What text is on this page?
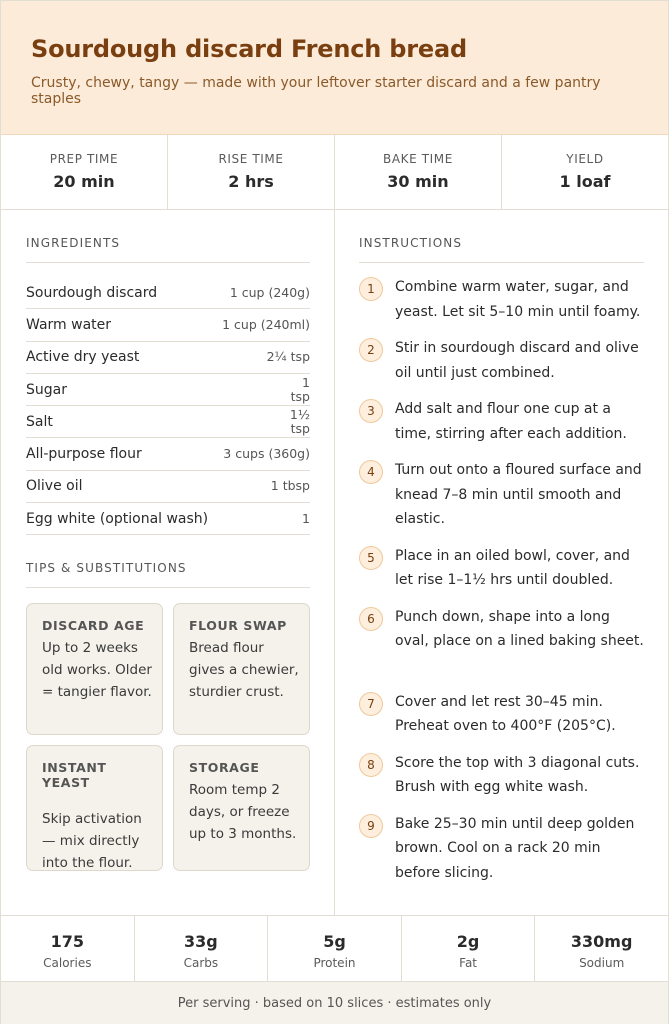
Sourdough discard French bread

Crusty, chewy, tangy — made with your leftover starter discard and a few pantry staples

PREP TIME
20 min
RISE TIME
2 hrs
BAKE TIME
30 min
YIELD
1 loaf
INGREDIENTS
Sourdough discard	1 cup (240g)
Warm water	1 cup (240ml)
Active dry yeast	2¼ tsp
Sugar	1 tsp
Salt	1½ tsp
All-purpose flour	3 cups (360g)
Olive oil	1 tbsp
Egg white (optional wash)	1
TIPS & SUBSTITUTIONS
DISCARD AGE
Up to 2 weeks old works. Older = tangier flavor.
FLOUR SWAP
Bread flour gives a chewier, sturdier crust.
INSTANT YEAST
Skip activation — mix directly into the flour.
STORAGE
Room temp 2 days, or freeze up to 3 months.
INSTRUCTIONS
1	Combine warm water, sugar, and yeast. Let sit 5–10 min until foamy.
2	Stir in sourdough discard and olive oil until just combined.
3	Add salt and flour one cup at a time, stirring after each addition.
4	Turn out onto a floured surface and knead 7–8 min until smooth and elastic.
5	Place in an oiled bowl, cover, and let rise 1–1½ hrs until doubled.
6	Punch down, shape into a long oval, place on a lined baking sheet.
7	Cover and let rest 30–45 min. Preheat oven to 400°F (205°C).
8	Score the top with 3 diagonal cuts. Brush with egg white wash.
9	Bake 25–30 min until deep golden brown. Cool on a rack 20 min before slicing.
175
Calories
33g
Carbs
5g
Protein
2g
Fat
330mg
Sodium
Per serving · based on 10 slices · estimates only
